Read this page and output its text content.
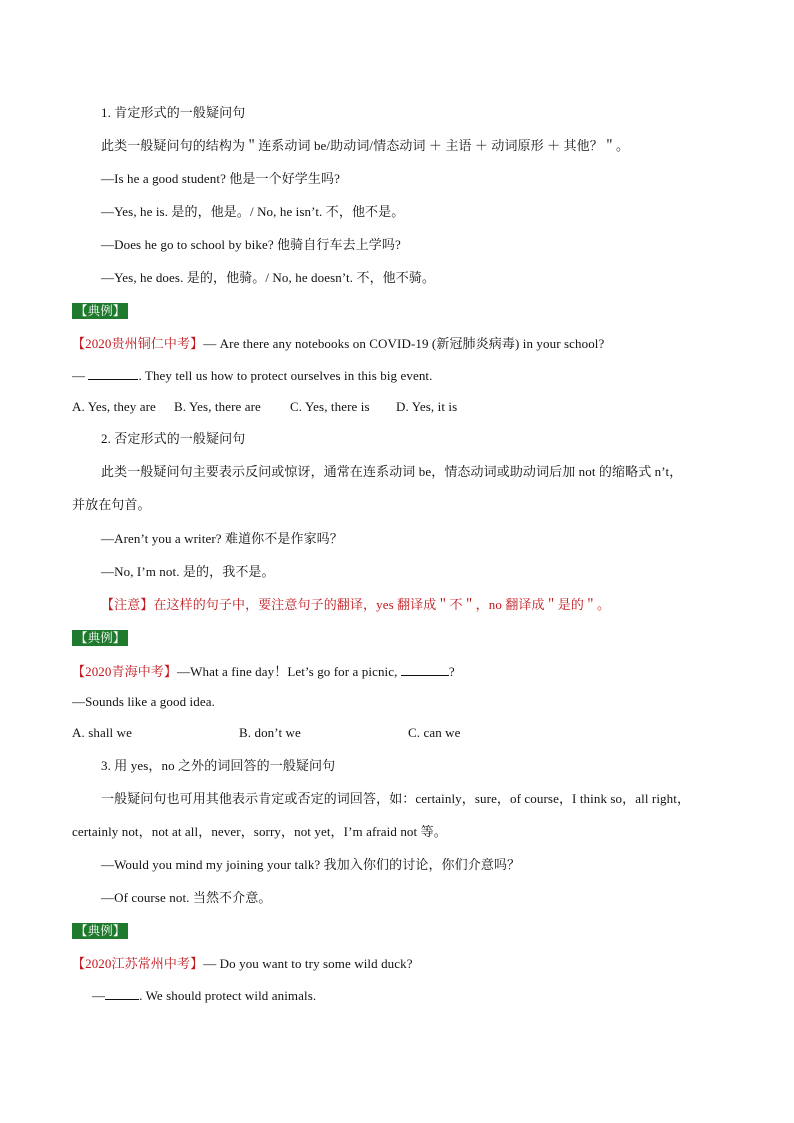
1. 肯定形式的一般疑问句
此类一般疑问句的结构为＂连系动词 be/助动词/情态动词 ＋ 主语 ＋ 动词原形 ＋ 其他？＂。
—Is he a good student? 他是一个好学生吗?
—Yes, he is. 是的，他是。/ No, he isn’t. 不，他不是。
—Does he go to school by bike? 他骑自行车去上学吗?
—Yes, he does. 是的，他骑。/ No, he doesn’t. 不，他不骑。
【典例】
【2020贵州铜仁中考】— Are there any notebooks on COVID-19 (新冠肺炎病毒) in your school?
—	. They tell us how to protect ourselves in this big event.
A. Yes, they are B. Yes, there are C. Yes, there is D. Yes, it is
2. 否定形式的一般疑问句
此类一般疑问句主要表示反问或惊讶，通常在连系动词 be，情态动词或助动词后加 not 的缩略式 n’t，
并放在句首。
—Aren’t you a writer? 难道你不是作家吗？
—No, I’m not. 是的，我不是。
【注意】在这样的句子中，要注意句子的翻译，yes 翻译成＂不＂，no 翻译成＂是的＂。
【典例】
【2020青海中考】—What a fine day！Let’s go for a picnic,	?
—Sounds like a good idea.
A. shall we	B. don’t we	C. can we
3. 用 yes，no 之外的词回答的一般疑问句
一般疑问句也可用其他表示肯定或否定的词回答，如：certainly，sure，of course，I think so，all right，
certainly not，not at all，never，sorry，not yet，I’m afraid not 等。
—Would you mind my joining your talk? 我加入你们的讨论，你们介意吗？
—Of course not. 当然不介意。
【典例】
【2020江苏常州中考】— Do you want to try some wild duck?
—	. We should protect wild animals.
